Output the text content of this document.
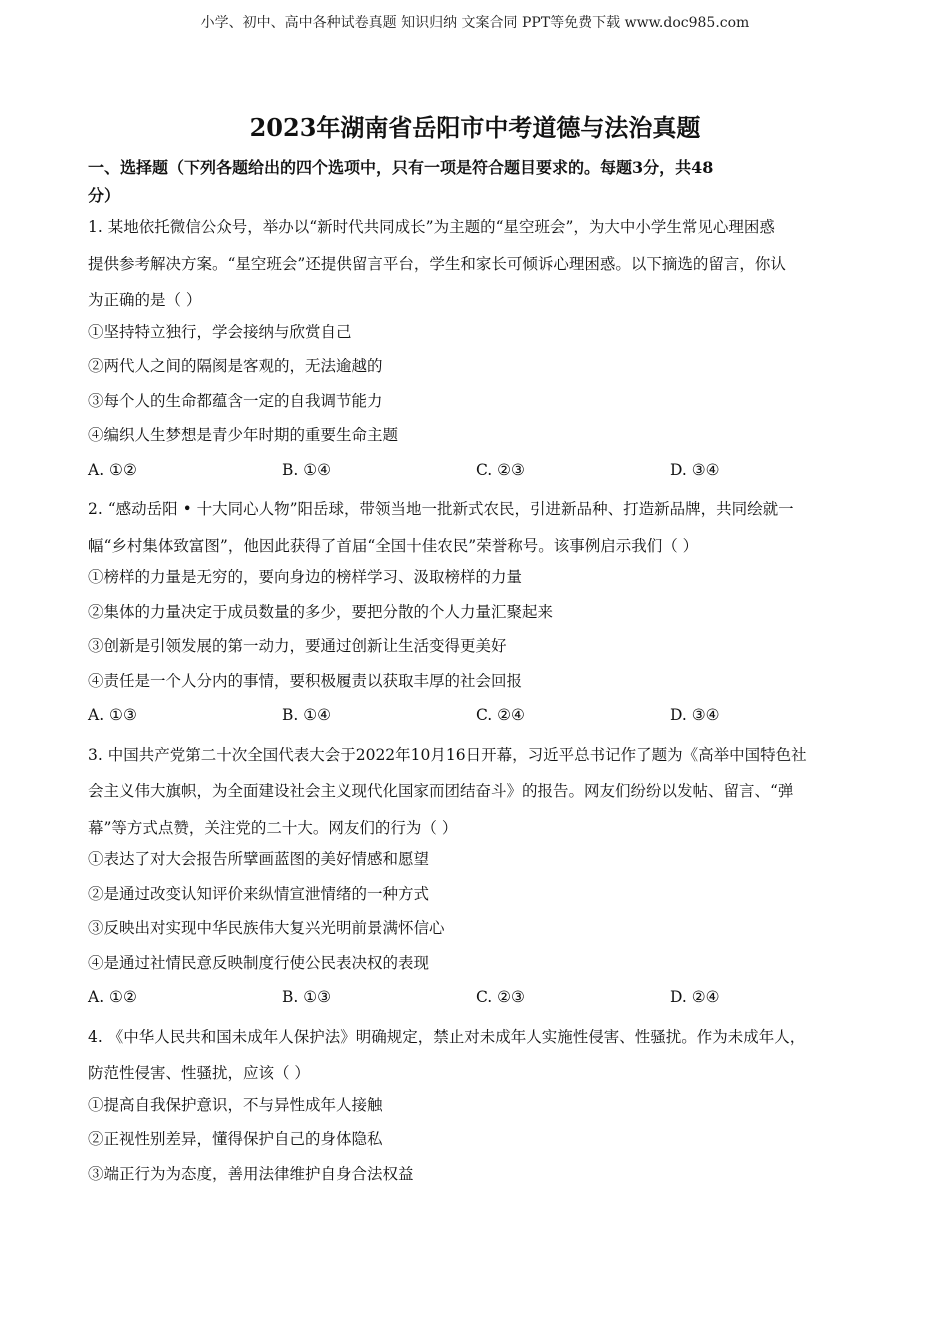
小学、初中、高中各种试卷真题 知识归纳 文案合同 PPT等免费下载 www.doc985.com
2023年湖南省岳阳市中考道德与法治真题
一、选择题（下列各题给出的四个选项中，只有一项是符合题目要求的。每题3分，共48
分）
1. 某地依托微信公众号，举办以“新时代共同成长”为主题的“星空班会”，为大中小学生常见心理困惑
提供参考解决方案。“星空班会”还提供留言平台，学生和家长可倾诉心理困惑。以下摘选的留言，你认
为正确的是（ ）
①坚持特立独行，学会接纳与欣赏自己
②两代人之间的隔阂是客观的，无法逾越的
③每个人的生命都蕴含一定的自我调节能力
④编织人生梦想是青少年时期的重要生命主题
A. ①②	B. ①④	C. ②③	D. ③④
2. “感动岳阳 • 十大同心人物”阳岳球，带领当地一批新式农民，引进新品种、打造新品牌，共同绘就一
幅“乡村集体致富图”，他因此获得了首届“全国十佳农民”荣誉称号。该事例启示我们（ ）
①榜样的力量是无穷的，要向身边的榜样学习、汲取榜样的力量
②集体的力量决定于成员数量的多少，要把分散的个人力量汇聚起来
③创新是引领发展的第一动力，要通过创新让生活变得更美好
④责任是一个人分内的事情，要积极履责以获取丰厚的社会回报
A. ①③	B. ①④	C. ②④	D. ③④
3. 中国共产党第二十次全国代表大会于2022年10月16日开幕，习近平总书记作了题为《高举中国特色社
会主义伟大旗帜，为全面建设社会主义现代化国家而团结奋斗》的报告。网友们纷纷以发帖、留言、“弹
幕”等方式点赞，关注党的二十大。网友们的行为（ ）
①表达了对大会报告所擘画蓝图的美好情感和愿望
②是通过改变认知评价来纵情宣泄情绪的一种方式
③反映出对实现中华民族伟大复兴光明前景满怀信心
④是通过社情民意反映制度行使公民表决权的表现
A. ①②	B. ①③	C. ②③	D. ②④
4. 《中华人民共和国未成年人保护法》明确规定，禁止对未成年人实施性侵害、性骚扰。作为未成年人，
防范性侵害、性骚扰，应该（ ）
①提高自我保护意识，不与异性成年人接触
②正视性别差异，懂得保护自己的身体隐私
③端正行为为态度，善用法律维护自身合法权益
